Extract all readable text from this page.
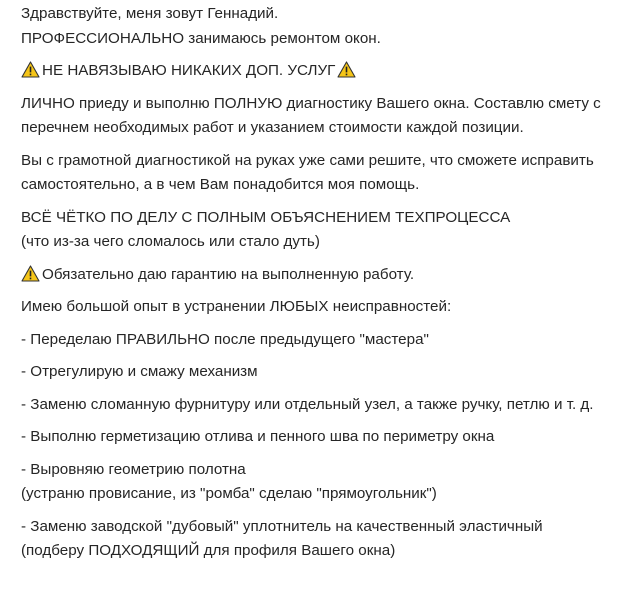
Здравствуйте, меня зовут Геннадий.
ПРОФЕССИОНАЛЬНО занимаюсь ремонтом окон.

НЕ НАВЯЗЫВАЮ НИКАКИХ ДОП. УСЛУГ

ЛИЧНО приеду и выполню ПОЛНУЮ диагностику Вашего окна. Составлю смету с
перечнем необходимых работ и указанием стоимости каждой позиции.

Вы с грамотной диагностикой на руках уже сами решите, что сможете исправить
самостоятельно, а в чем Вам понадобится моя помощь.

ВСЁ ЧЁТКО ПО ДЕЛУ С ПОЛНЫМ ОБЪЯСНЕНИЕМ ТЕХПРОЦЕССА
(что из-за чего сломалось или стало дуть)

Обязательно даю гарантию на выполненную работу.

Имею большой опыт в устранении ЛЮБЫХ неисправностей:

- Переделаю ПРАВИЛЬНО после предыдущего "мастера"

- Отрегулирую и смажу механизм

- Заменю сломанную фурнитуру или отдельный узел, а также ручку, петлю и т. д.

- Выполню герметизацию отлива и пенного шва по периметру окна

- Выровняю геометрию полотна
(устраню провисание, из "ромба" сделаю "прямоугольник")

- Заменю заводской "дубовый" уплотнитель на качественный эластичный
(подберу ПОДХОДЯЩИЙ для профиля Вашего окна)
